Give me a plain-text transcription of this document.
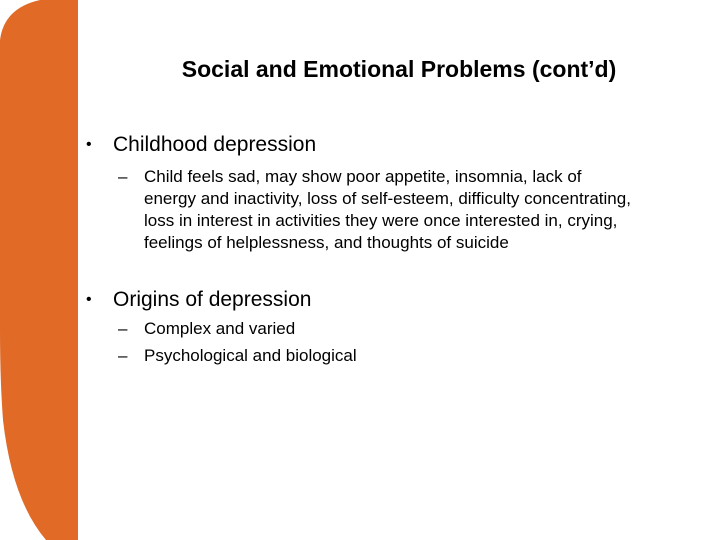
Social and Emotional Problems (cont’d)
• Childhood depression
– Child feels sad, may show poor appetite, insomnia, lack of
energy and inactivity, loss of self-esteem, difficulty concentrating,
loss in interest in activities they were once interested in, crying,
feelings of helplessness, and thoughts of suicide
• Origins of depression
– Complex and varied
– Psychological and biological
